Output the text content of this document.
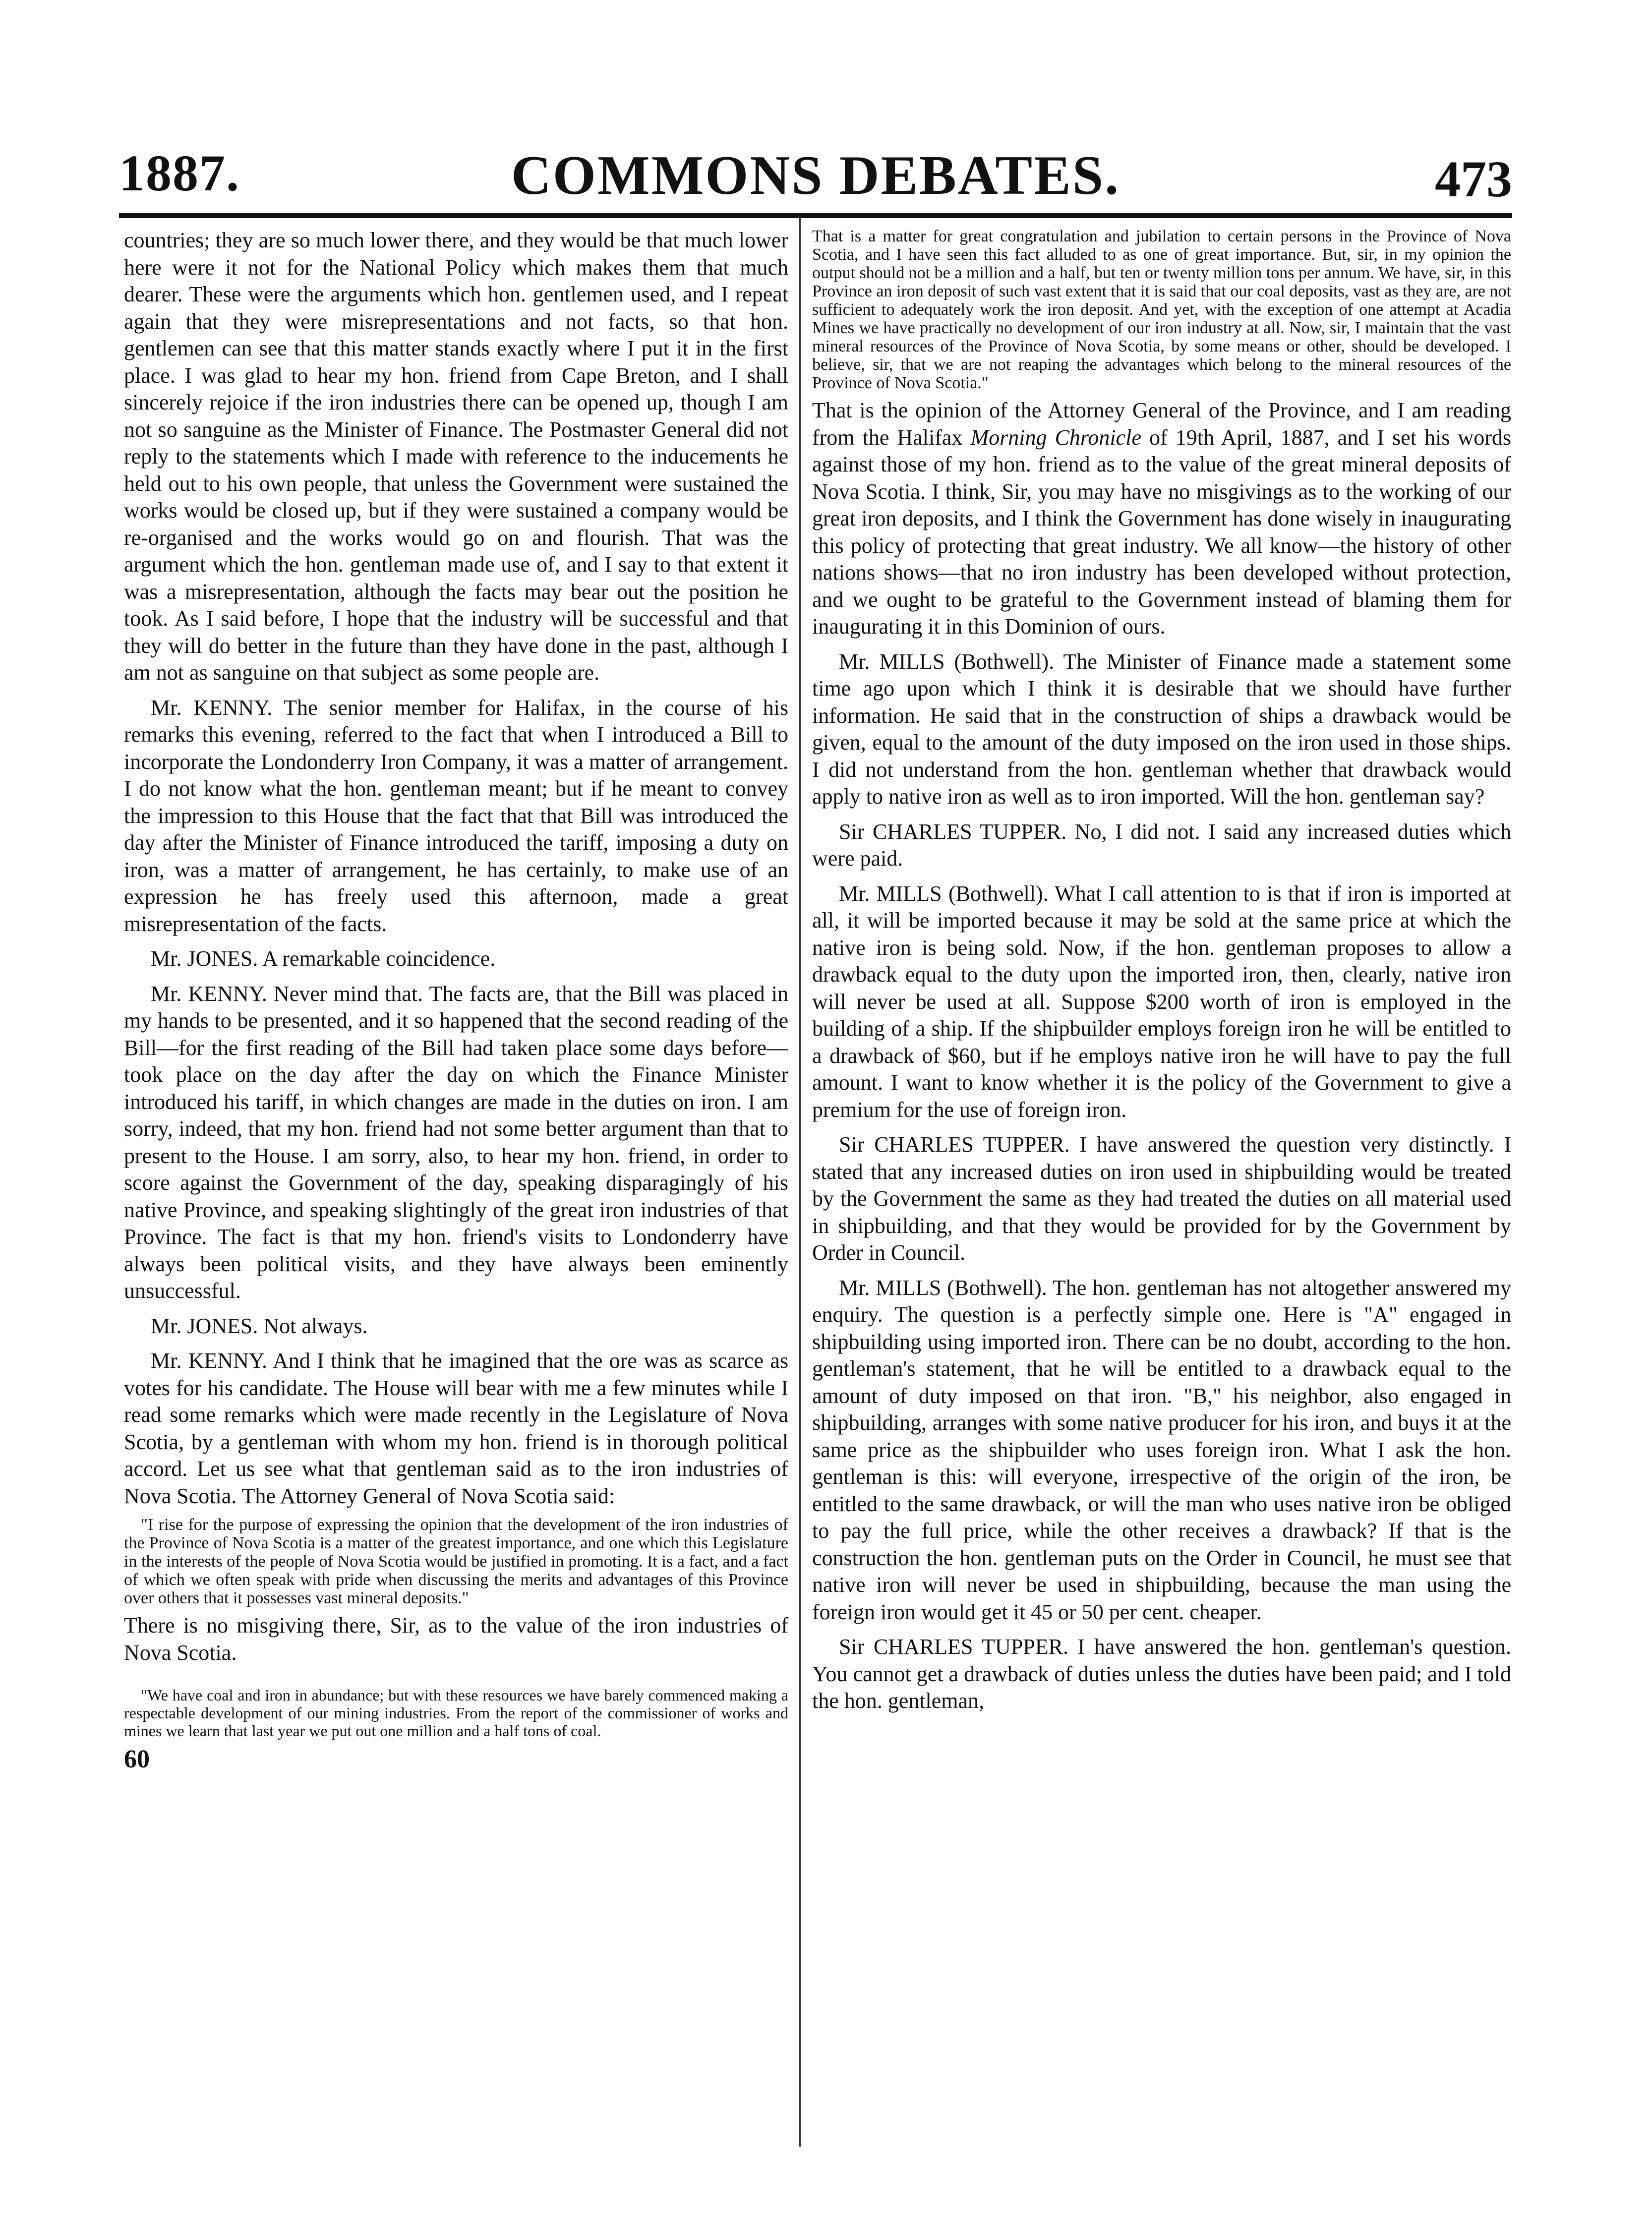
1887.	COMMONS DEBATES.	473

countries; they are so much lower there, and they would be that much lower here were it not for the National Policy which makes them that much dearer. These were the arguments which hon. gentlemen used, and I repeat again that they were misrepresentations and not facts, so that hon. gentlemen can see that this matter stands exactly where I put it in the first place. I was glad to hear my hon. friend from Cape Breton, and I shall sincerely rejoice if the iron industries there can be opened up, though I am not so sanguine as the Minister of Finance. The Postmaster General did not reply to the statements which I made with reference to the inducements he held out to his own people, that unless the Government were sustained the works would be closed up, but if they were sustained a company would be re-organised and the works would go on and flourish. That was the argument which the hon. gentleman made use of, and I say to that extent it was a misrepresentation, although the facts may bear out the position he took. As I said before, I hope that the industry will be successful and that they will do better in the future than they have done in the past, although I am not as sanguine on that subject as some people are.

Mr. KENNY. The senior member for Halifax, in the course of his remarks this evening, referred to the fact that when I introduced a Bill to incorporate the Londonderry Iron Company, it was a matter of arrangement. I do not know what the hon. gentleman meant; but if he meant to convey the impression to this House that the fact that that Bill was introduced the day after the Minister of Finance introduced the tariff, imposing a duty on iron, was a matter of arrangement, he has certainly, to make use of an expression he has freely used this afternoon, made a great misrepresentation of the facts.

Mr. JONES. A remarkable coincidence.

Mr. KENNY. Never mind that. The facts are, that the Bill was placed in my hands to be presented, and it so happened that the second reading of the Bill—for the first reading of the Bill had taken place some days before—took place on the day after the day on which the Finance Minister introduced his tariff, in which changes are made in the duties on iron. I am sorry, indeed, that my hon. friend had not some better argument than that to present to the House. I am sorry, also, to hear my hon. friend, in order to score against the Government of the day, speaking disparagingly of his native Province, and speaking slightingly of the great iron industries of that Province. The fact is that my hon. friend's visits to Londonderry have always been political visits, and they have always been eminently unsuccessful.

Mr. JONES. Not always.

Mr. KENNY. And I think that he imagined that the ore was as scarce as votes for his candidate. The House will bear with me a few minutes while I read some remarks which were made recently in the Legislature of Nova Scotia, by a gentleman with whom my hon. friend is in thorough political accord. Let us see what that gentleman said as to the iron industries of Nova Scotia. The Attorney General of Nova Scotia said:

"I rise for the purpose of expressing the opinion that the development of the iron industries of the Province of Nova Scotia is a matter of the greatest importance, and one which this Legislature in the interests of the people of Nova Scotia would be justified in promoting. It is a fact, and a fact of which we often speak with pride when discussing the merits and advantages of this Province over others that it possesses vast mineral deposits."

There is no misgiving there, Sir, as to the value of the iron industries of Nova Scotia.

"We have coal and iron in abundance; but with these resources we have barely commenced making a respectable development of our mining industries. From the report of the commissioner of works and mines we learn that last year we put out one million and a half tons of coal.

60

That is a matter for great congratulation and jubilation to certain persons in the Province of Nova Scotia, and I have seen this fact alluded to as one of great importance. But, sir, in my opinion the output should not be a million and a half, but ten or twenty million tons per annum. We have, sir, in this Province an iron deposit of such vast extent that it is said that our coal deposits, vast as they are, are not sufficient to adequately work the iron deposit. And yet, with the exception of one attempt at Acadia Mines we have practically no development of our iron industry at all. Now, sir, I maintain that the vast mineral resources of the Province of Nova Scotia, by some means or other, should be developed. I believe, sir, that we are not reaping the advantages which belong to the mineral resources of the Province of Nova Scotia."

That is the opinion of the Attorney General of the Province, and I am reading from the Halifax Morning Chronicle of 19th April, 1887, and I set his words against those of my hon. friend as to the value of the great mineral deposits of Nova Scotia. I think, Sir, you may have no misgivings as to the working of our great iron deposits, and I think the Government has done wisely in inaugurating this policy of protecting that great industry. We all know—the history of other nations shows—that no iron industry has been developed without protection, and we ought to be grateful to the Government instead of blaming them for inaugurating it in this Dominion of ours.

Mr. MILLS (Bothwell). The Minister of Finance made a statement some time ago upon which I think it is desirable that we should have further information. He said that in the construction of ships a drawback would be given, equal to the amount of the duty imposed on the iron used in those ships. I did not understand from the hon. gentleman whether that drawback would apply to native iron as well as to iron imported. Will the hon. gentleman say?

Sir CHARLES TUPPER. No, I did not. I said any increased duties which were paid.

Mr. MILLS (Bothwell). What I call attention to is that if iron is imported at all, it will be imported because it may be sold at the same price at which the native iron is being sold. Now, if the hon. gentleman proposes to allow a drawback equal to the duty upon the imported iron, then, clearly, native iron will never be used at all. Suppose $200 worth of iron is employed in the building of a ship. If the shipbuilder employs foreign iron he will be entitled to a drawback of $60, but if he employs native iron he will have to pay the full amount. I want to know whether it is the policy of the Government to give a premium for the use of foreign iron.

Sir CHARLES TUPPER. I have answered the question very distinctly. I stated that any increased duties on iron used in shipbuilding would be treated by the Government the same as they had treated the duties on all material used in shipbuilding, and that they would be provided for by the Government by Order in Council.

Mr. MILLS (Bothwell). The hon. gentleman has not altogether answered my enquiry. The question is a perfectly simple one. Here is "A" engaged in shipbuilding using imported iron. There can be no doubt, according to the hon. gentleman's statement, that he will be entitled to a drawback equal to the amount of duty imposed on that iron. "B," his neighbor, also engaged in shipbuilding, arranges with some native producer for his iron, and buys it at the same price as the shipbuilder who uses foreign iron. What I ask the hon. gentleman is this: will everyone, irrespective of the origin of the iron, be entitled to the same drawback, or will the man who uses native iron be obliged to pay the full price, while the other receives a drawback? If that is the construction the hon. gentleman puts on the Order in Council, he must see that native iron will never be used in shipbuilding, because the man using the foreign iron would get it 45 or 50 per cent. cheaper.

Sir CHARLES TUPPER. I have answered the hon. gentleman's question. You cannot get a drawback of duties unless the duties have been paid; and I told the hon. gentleman,
